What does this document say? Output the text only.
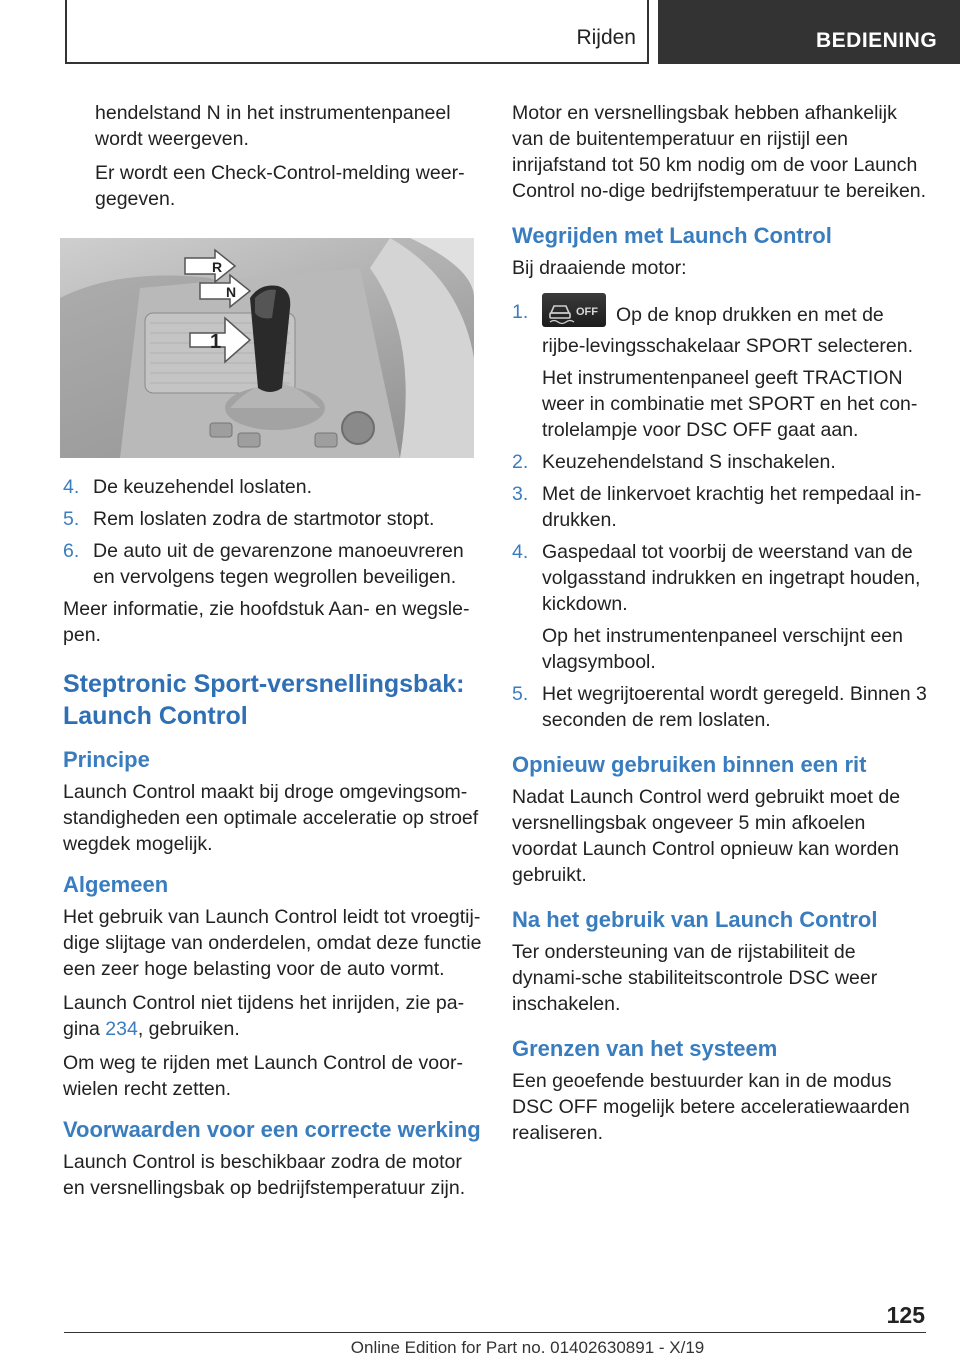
Rijden	BEDIENING

hendelstand N in het instrumentenpaneel wordt weergeven.

Er wordt een Check-Control-melding weer‐gegeven.

R
N
1
4. De keuzehendel loslaten.
5. Rem loslaten zodra de startmotor stopt.
6. De auto uit de gevarenzone manoeuvreren en vervolgens tegen wegrollen beveiligen.

Meer informatie, zie hoofdstuk Aan- en wegsle‐pen.

Steptronic Sport-versnellingsbak: Launch Control
Principe

Launch Control maakt bij droge omgevingsom‐standigheden een optimale acceleratie op stroef wegdek mogelijk.

Algemeen

Het gebruik van Launch Control leidt tot vroegtij‐dige slijtage van onderdelen, omdat deze functie een zeer hoge belasting voor de auto vormt.

Launch Control niet tijdens het inrijden, zie pa‐gina 234, gebruiken.

Om weg te rijden met Launch Control de voor‐wielen recht zetten.

Voorwaarden voor een correcte werking

Launch Control is beschikbaar zodra de motor en versnellingsbak op bedrijfstemperatuur zijn.

Motor en versnellingsbak hebben afhankelijk van de buitentemperatuur en rijstijl een inrijafstand tot 50 km nodig om de voor Launch Control no‐dige bedrijfstemperatuur te bereiken.

Wegrijden met Launch Control

Bij draaiende motor:

1.	OFF Op de knop drukken en met de rijbe‐levingsschakelaar SPORT selecteren.
Het instrumentenpaneel geeft TRACTION weer in combinatie met SPORT en het con‐trolelampje voor DSC OFF gaat aan.
2. Keuzehendelstand S inschakelen.
3. Met de linkervoet krachtig het rempedaal in‐drukken.
4. Gaspedaal tot voorbij de weerstand van de volgasstand indrukken en ingetrapt houden, kickdown.
Op het instrumentenpaneel verschijnt een vlagsymbool.
5. Het wegrijtoerental wordt geregeld. Binnen 3 seconden de rem loslaten.
Opnieuw gebruiken binnen een rit

Nadat Launch Control werd gebruikt moet de versnellingsbak ongeveer 5 min afkoelen voordat Launch Control opnieuw kan worden gebruikt.

Na het gebruik van Launch Control

Ter ondersteuning van de rijstabiliteit de dynami‐sche stabiliteitscontrole DSC weer inschakelen.

Grenzen van het systeem

Een geoefende bestuurder kan in de modus DSC OFF mogelijk betere acceleratiewaarden realiseren.

125
Online Edition for Part no. 01402630891 - X/19
